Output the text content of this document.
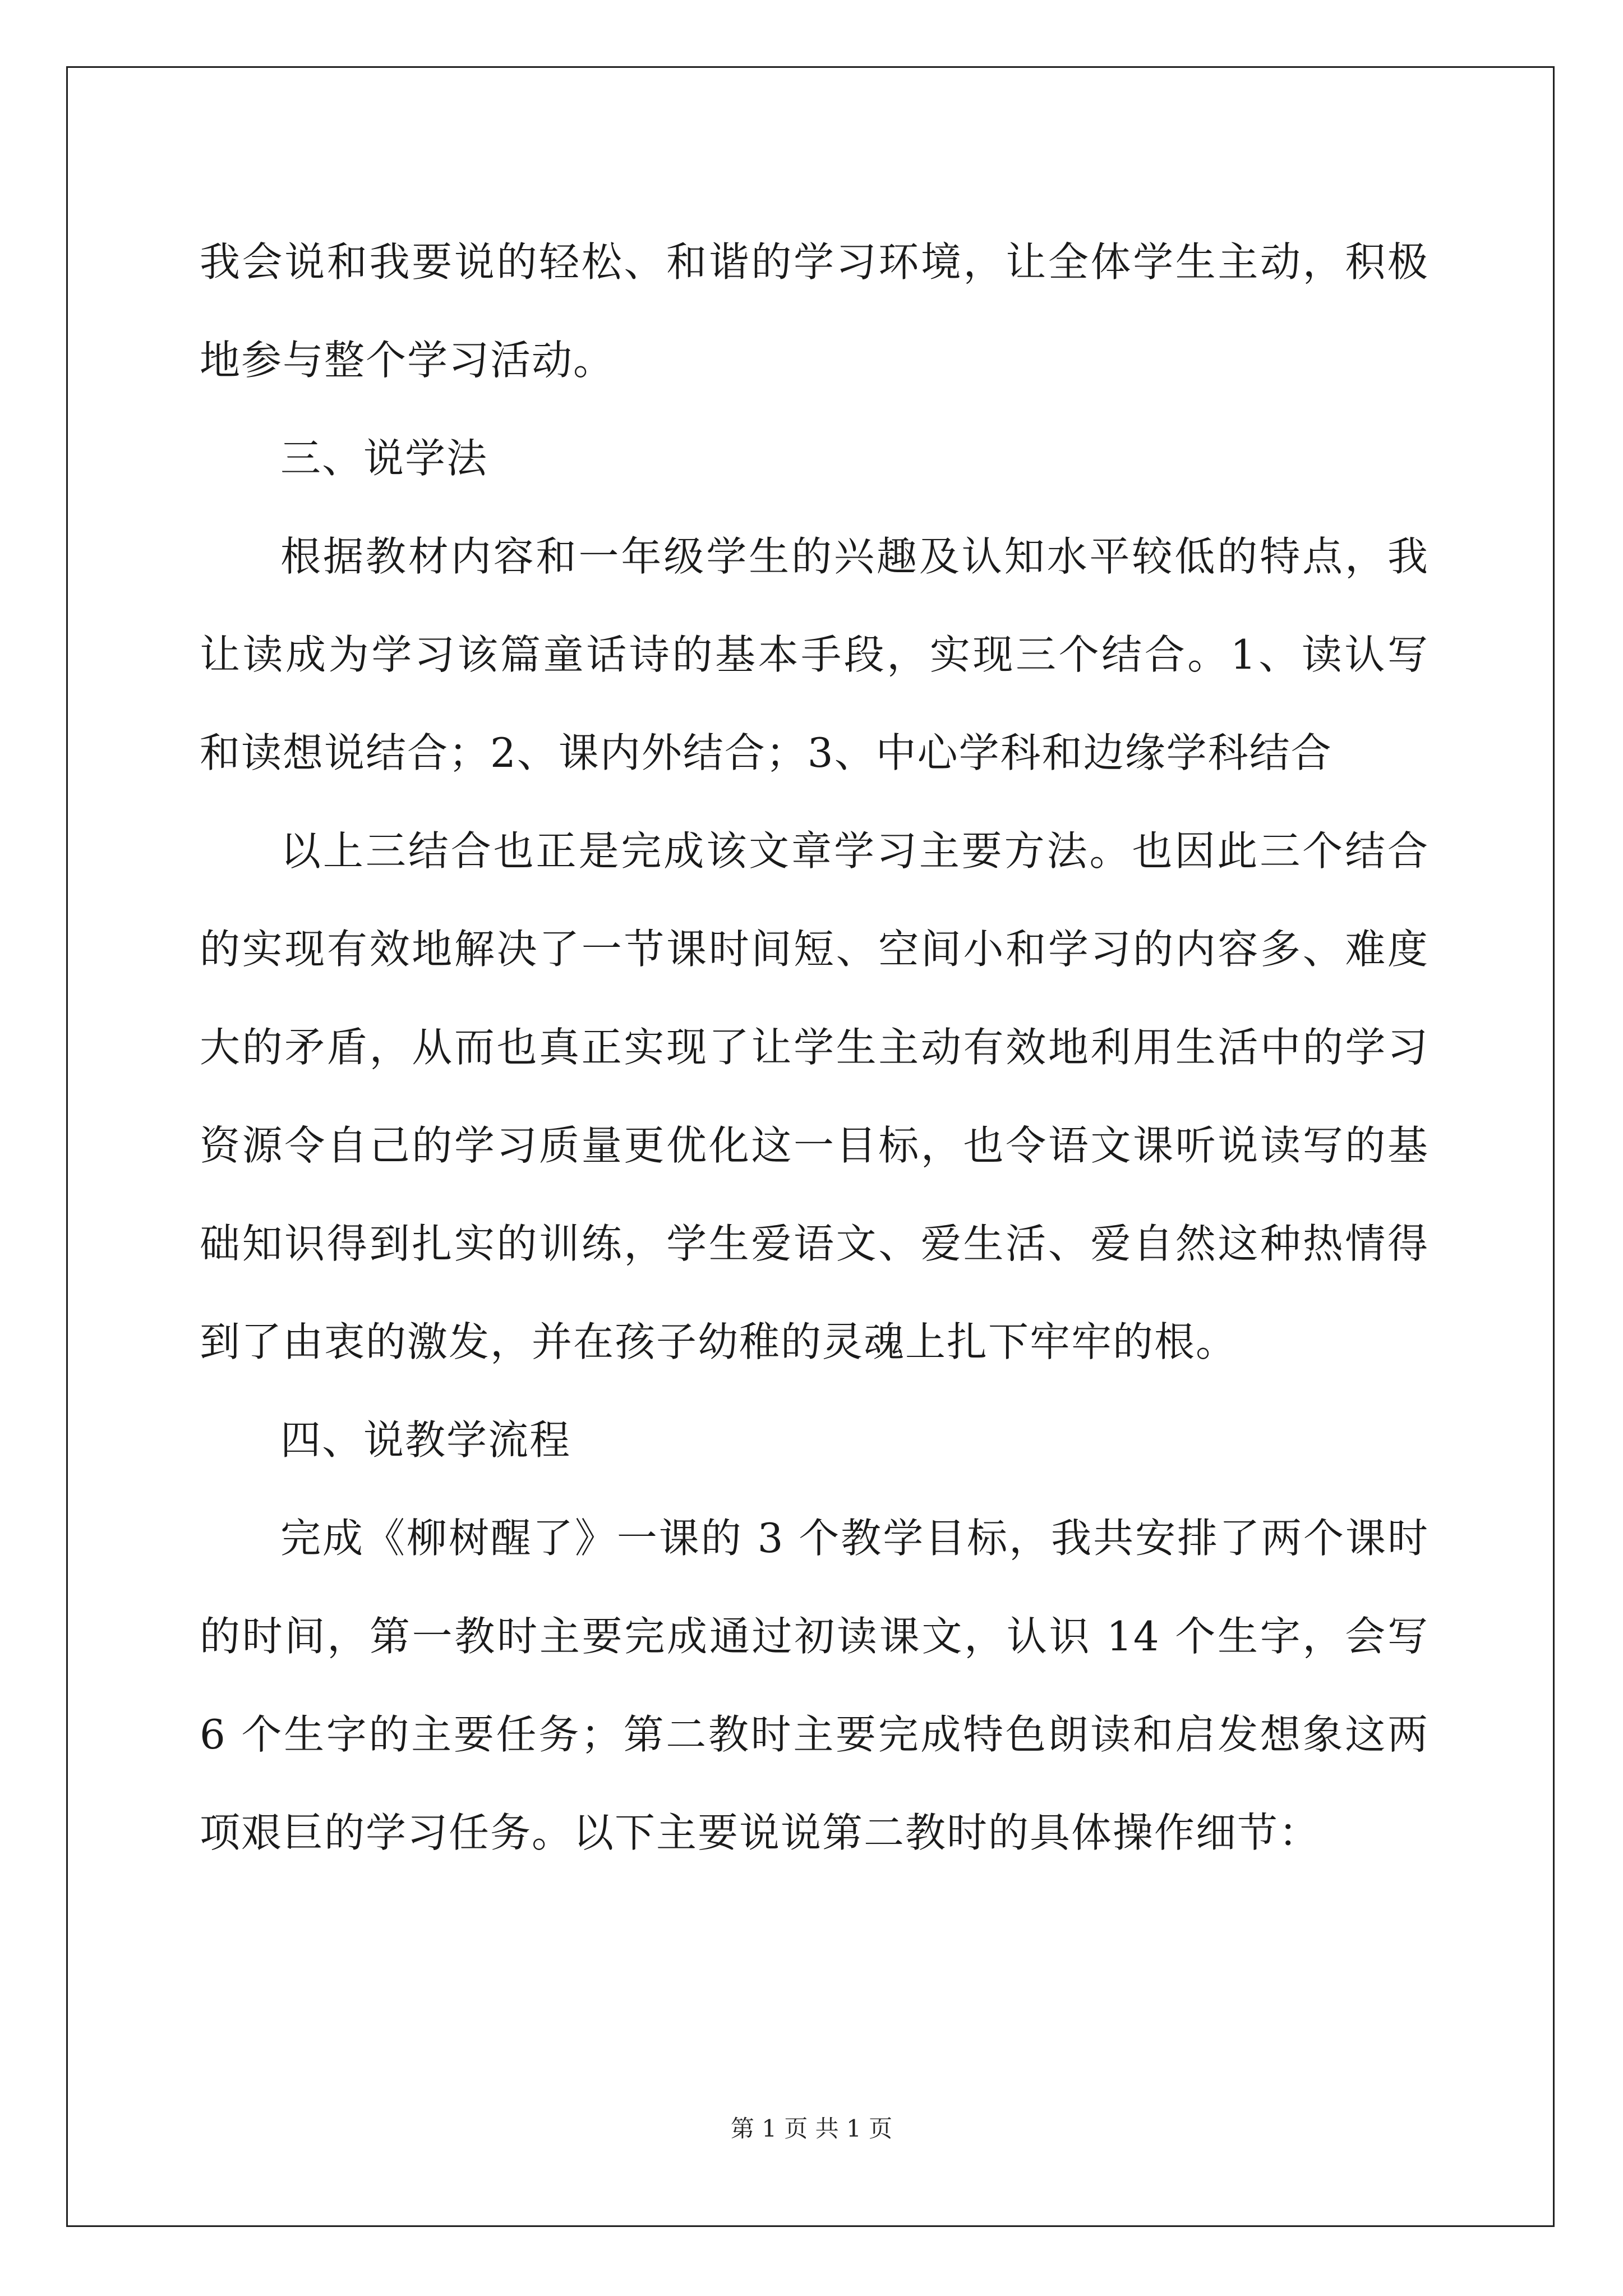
我会说和我要说的轻松、和谐的学习环境，让全体学生主动，积极地参与整个学习活动。

三、说学法

根据教材内容和一年级学生的兴趣及认知水平较低的特点，我让读成为学习该篇童话诗的基本手段，实现三个结合。1、读认写和读想说结合；2、课内外结合；3、中心学科和边缘学科结合

以上三结合也正是完成该文章学习主要方法。也因此三个结合的实现有效地解决了一节课时间短、空间小和学习的内容多、难度大的矛盾，从而也真正实现了让学生主动有效地利用生活中的学习资源令自己的学习质量更优化这一目标，也令语文课听说读写的基础知识得到扎实的训练，学生爱语文、爱生活、爱自然这种热情得到了由衷的激发，并在孩子幼稚的灵魂上扎下牢牢的根。

四、说教学流程

完成《柳树醒了》一课的 3 个教学目标，我共安排了两个课时的时间，第一教时主要完成通过初读课文，认识 14 个生字，会写 6 个生字的主要任务；第二教时主要完成特色朗读和启发想象这两项艰巨的学习任务。以下主要说说第二教时的具体操作细节：

第 1 页 共 1 页
